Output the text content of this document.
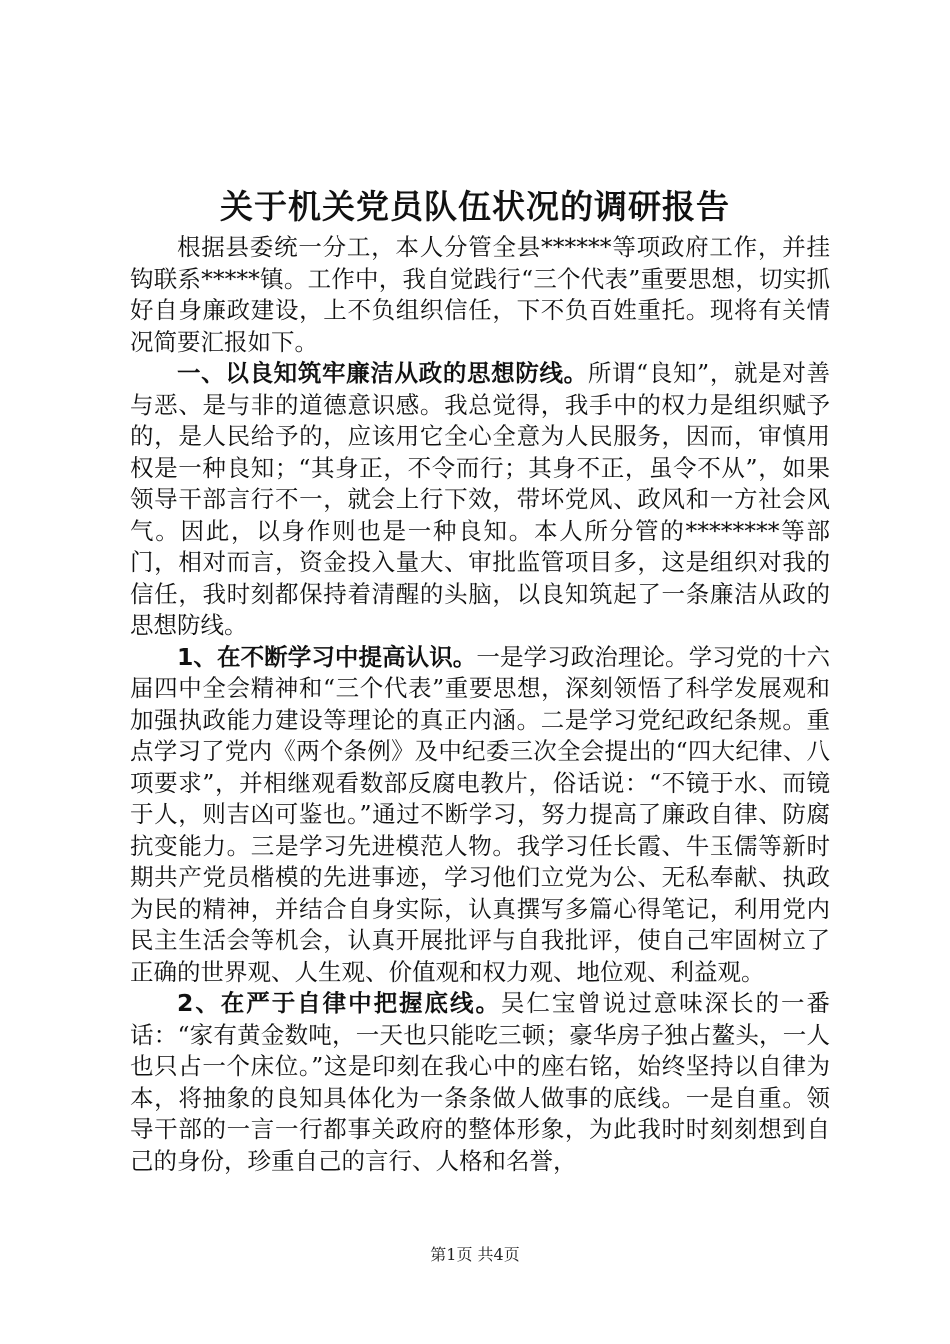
关于机关党员队伍状况的调研报告

根据县委统一分工，本人分管全县******等项政府工作，并挂钩联系*****镇。工作中，我自觉践行“三个代表”重要思想，切实抓好自身廉政建设，上不负组织信任，下不负百姓重托。现将有关情况简要汇报如下。

一、以良知筑牢廉洁从政的思想防线。所谓“良知”，就是对善与恶、是与非的道德意识感。我总觉得，我手中的权力是组织赋予的，是人民给予的，应该用它全心全意为人民服务，因而，审慎用权是一种良知；“其身正，不令而行；其身不正，虽令不从”，如果领导干部言行不一，就会上行下效，带坏党风、政风和一方社会风气。因此，以身作则也是一种良知。本人所分管的********等部门，相对而言，资金投入量大、审批监管项目多，这是组织对我的信任，我时刻都保持着清醒的头脑，以良知筑起了一条廉洁从政的思想防线。

1、在不断学习中提高认识。一是学习政治理论。学习党的十六届四中全会精神和“三个代表”重要思想，深刻领悟了科学发展观和加强执政能力建设等理论的真正内涵。二是学习党纪政纪条规。重点学习了党内《两个条例》及中纪委三次全会提出的“四大纪律、八项要求”，并相继观看数部反腐电教片，俗话说：“不镜于水、而镜于人，则吉凶可鉴也。”通过不断学习，努力提高了廉政自律、防腐抗变能力。三是学习先进模范人物。我学习任长霞、牛玉儒等新时期共产党员楷模的先进事迹，学习他们立党为公、无私奉献、执政为民的精神，并结合自身实际，认真撰写多篇心得笔记，利用党内民主生活会等机会，认真开展批评与自我批评，使自己牢固树立了正确的世界观、人生观、价值观和权力观、地位观、利益观。

2、在严于自律中把握底线。吴仁宝曾说过意味深长的一番话：“家有黄金数吨，一天也只能吃三顿；豪华房子独占鳌头，一人也只占一个床位。”这是印刻在我心中的座右铭，始终坚持以自律为本，将抽象的良知具体化为一条条做人做事的底线。一是自重。领导干部的一言一行都事关政府的整体形象，为此我时时刻刻想到自己的身份，珍重自己的言行、人格和名誉，

第1页 共4页
